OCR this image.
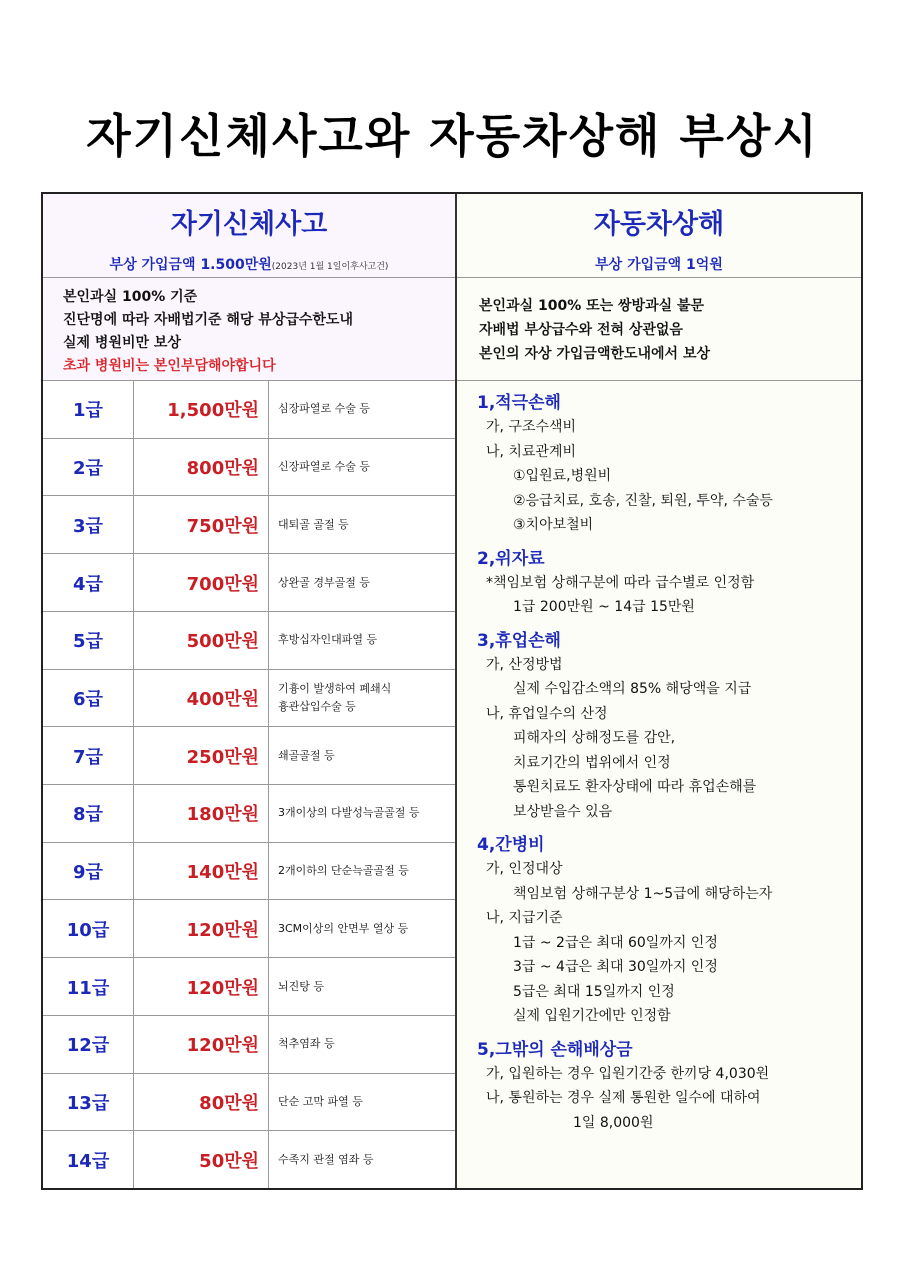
자기신체사고와 자동차상해 부상시
자기신체사고
부상 가입금액 1.500만원(2023년 1월 1일이후사고건)
본인과실 100% 기준
진단명에 따라 자배법기준 해당 뷰상급수한도내
실제 병원비만 보상
초과 병원비는 본인부담해야합니다
1급	1,500만원	심장파열로 수술 등
2급	800만원	신장파열로 수술 등
3급	750만원	대퇴골 골절 등
4급	700만원	상완골 경부골절 등
5급	500만원	후방십자인대파열 등
6급	400만원
기흉이 발생하여 폐쇄식
흉관삽입수술 등
7급	250만원	쇄골골절 등
8급	180만원	3개이상의 다발성늑골골절 등
9급	140만원	2개이하의 단순늑골골절 등
10급	120만원	3CM이상의 안면부 열상 등
11급	120만원	뇌진탕 등
12급	120만원	척추염좌 등
13급	80만원	단순 고막 파열 등
14급	50만원	수족지 관절 염좌 등
자동차상해
부상 가입금액 1억원
본인과실 100% 또는 쌍방과실 불문
자배법 부상급수와 전혀 상관없음
본인의 자상 가입금액한도내에서 보상
1,적극손해
가, 구조수색비
나, 치료관계비
①입원료,병원비
②응급치료, 호송, 진찰, 퇴원, 투약, 수술등
③치아보철비
2,위자료
*책임보험 상해구분에 따라 급수별로 인정함
1급 200만원 ~ 14급 15만원
3,휴업손해
가, 산정방법
실제 수입감소액의 85% 해당액을 지급
나, 휴업일수의 산정
피해자의 상해정도를 감안,
치료기간의 법위에서 인정
통원치료도 환자상태에 따라 휴업손해를
보상받을수 있음
4,간병비
가, 인정대상
책임보험 상해구분상 1~5급에 해당하는자
나, 지급기준
1급 ~ 2급은 최대 60일까지 인정
3급 ~ 4급은 최대 30일까지 인정
5급은 최대 15일까지 인정
실제 입원기간에만 인정함
5,그밖의 손해배상금
가, 입원하는 경우 입원기간중 한끼당 4,030원
나, 통원하는 경우 실제 통원한 일수에 대하여
1일 8,000원
